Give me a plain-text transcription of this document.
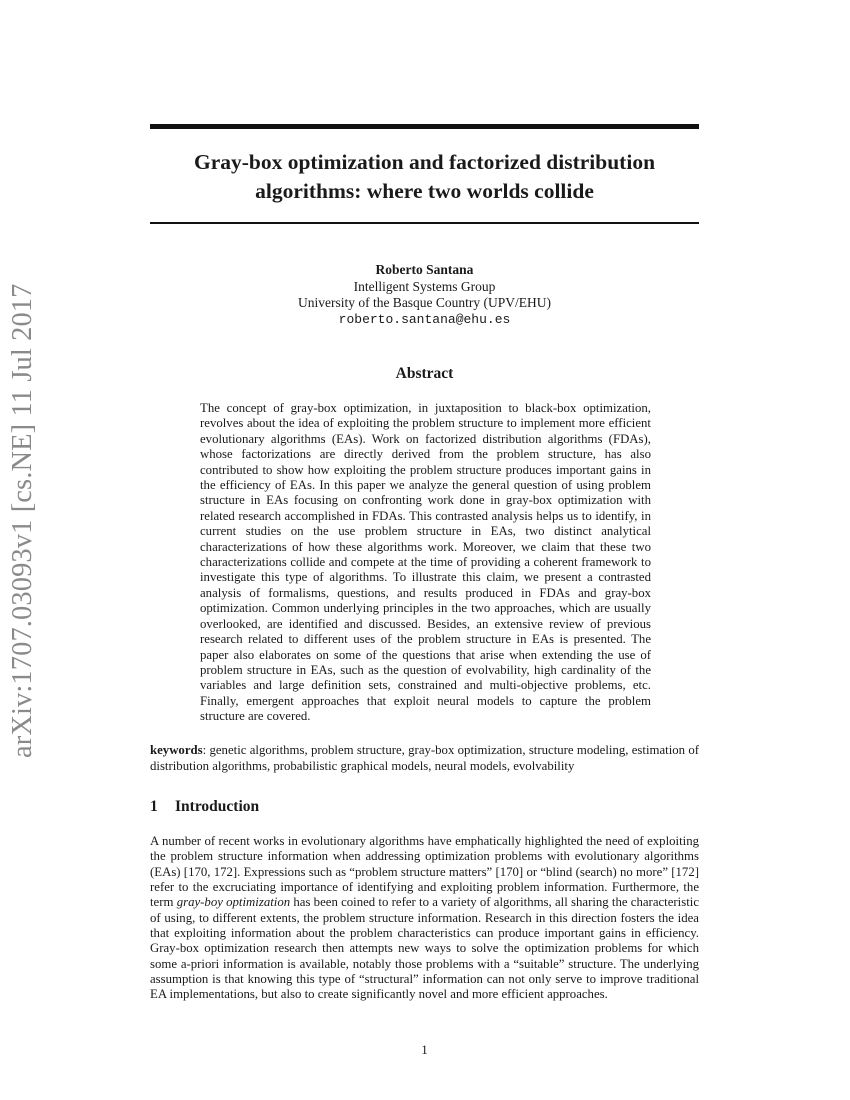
arXiv:1707.03093v1 [cs.NE] 11 Jul 2017
Gray-box optimization and factorized distribution
algorithms: where two worlds collide
Roberto Santana
Intelligent Systems Group
University of the Basque Country (UPV/EHU)
roberto.santana@ehu.es
Abstract

The concept of gray-box optimization, in juxtaposition to black-box optimization, revolves about the idea of exploiting the problem structure to implement more efficient evolutionary algorithms (EAs). Work on factorized distribution algorithms (FDAs), whose factorizations are directly derived from the problem structure, has also contributed to show how exploiting the problem structure produces important gains in the efficiency of EAs. In this paper we analyze the general question of using problem structure in EAs focusing on confronting work done in gray-box optimization with related research accomplished in FDAs. This contrasted analysis helps us to identify, in current studies on the use problem structure in EAs, two distinct analytical characterizations of how these algorithms work. Moreover, we claim that these two characterizations collide and compete at the time of providing a coherent framework to investigate this type of algorithms. To illustrate this claim, we present a contrasted analysis of formalisms, questions, and results produced in FDAs and gray-box optimization. Common underlying principles in the two approaches, which are usually overlooked, are identified and discussed. Besides, an extensive review of previous research related to different uses of the problem structure in EAs is presented. The paper also elaborates on some of the questions that arise when extending the use of problem structure in EAs, such as the question of evolvability, high cardinality of the variables and large definition sets, constrained and multi-objective problems, etc. Finally, emergent approaches that exploit neural models to capture the problem structure are covered.

keywords: genetic algorithms, problem structure, gray-box optimization, structure modeling, estimation of distribution algorithms, probabilistic graphical models, neural models, evolvability

1 Introduction

A number of recent works in evolutionary algorithms have emphatically highlighted the need of exploiting the problem structure information when addressing optimization problems with evolutionary algorithms (EAs) [170, 172]. Expressions such as “problem structure matters” [170] or “blind (search) no more” [172] refer to the excruciating importance of identifying and exploiting problem information. Furthermore, the term gray-boy optimization has been coined to refer to a variety of algorithms, all sharing the characteristic of using, to different extents, the problem structure information. Research in this direction fosters the idea that exploiting information about the problem characteristics can produce important gains in efficiency. Gray-box optimization research then attempts new ways to solve the optimization problems for which some a-priori information is available, notably those problems with a “suitable” structure. The underlying assumption is that knowing this type of “structural” information can not only serve to improve traditional EA implementations, but also to create significantly novel and more efficient approaches.

1
